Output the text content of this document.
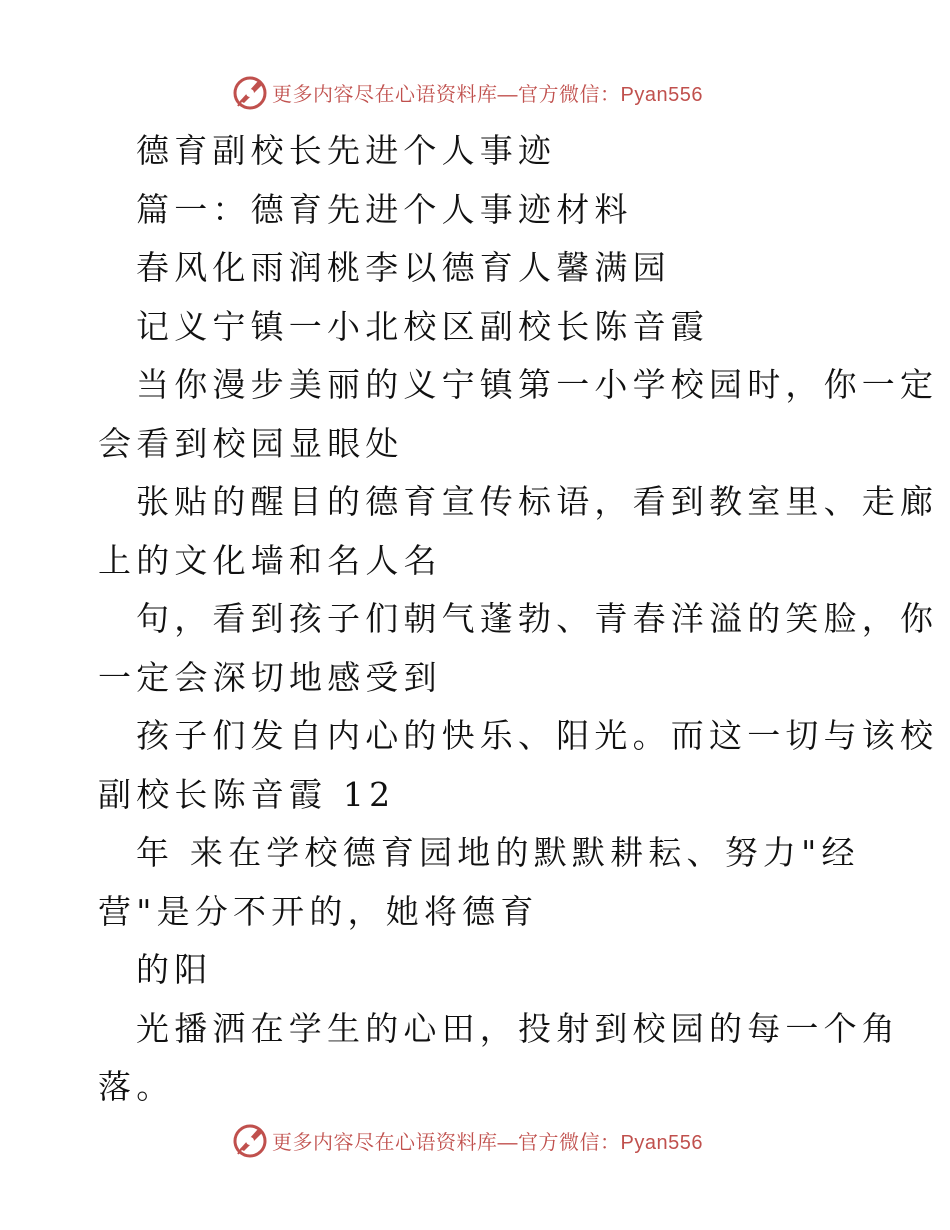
更多内容尽在心语资料库—官方微信：Pyan556
德育副校长先进个人事迹
篇一：德育先进个人事迹材料
春风化雨润桃李以德育人馨满园
记义宁镇一小北校区副校长陈音霞
当你漫步美丽的义宁镇第一小学校园时，你一定
会看到校园显眼处
张贴的醒目的德育宣传标语，看到教室里、走廊
上的文化墙和名人名
句，看到孩子们朝气蓬勃、青春洋溢的笑脸，你
一定会深切地感受到
孩子们发自内心的快乐、阳光。而这一切与该校
副校长陈音霞 12
年 来在学校德育园地的默默耕耘、努力"经
营"是分不开的，她将德育
的阳
光播洒在学生的心田，投射到校园的每一个角
落。
更多内容尽在心语资料库—官方微信：Pyan556
